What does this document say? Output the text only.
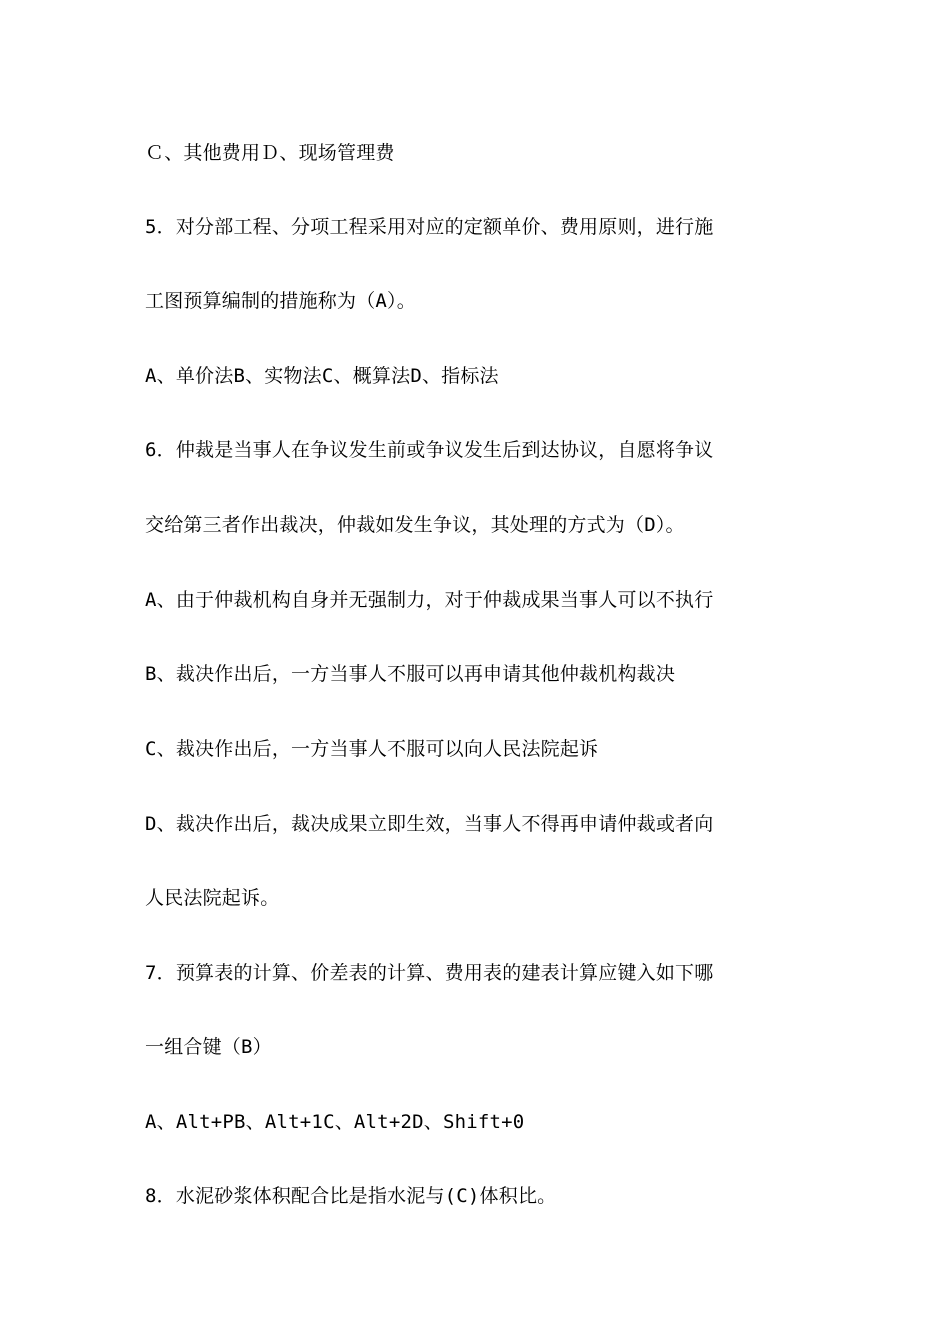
Ｃ、其他费用Ｄ、现场管理费
5．对分部工程、分项工程采用对应的定额单价、费用原则，进行施
工图预算编制的措施称为（A）。
A、单价法B、实物法C、概算法D、指标法
6．仲裁是当事人在争议发生前或争议发生后到达协议，自愿将争议
交给第三者作出裁决，仲裁如发生争议，其处理的方式为（D）。
A、由于仲裁机构自身并无强制力，对于仲裁成果当事人可以不执行
B、裁决作出后，一方当事人不服可以再申请其他仲裁机构裁决
C、裁决作出后，一方当事人不服可以向人民法院起诉
D、裁决作出后，裁决成果立即生效，当事人不得再申请仲裁或者向
人民法院起诉。
7．预算表的计算、价差表的计算、费用表的建表计算应键入如下哪
一组合键（B）
A、Alt+PB、Alt+1C、Alt+2D、Shift+0
8．水泥砂浆体积配合比是指水泥与(C)体积比。
